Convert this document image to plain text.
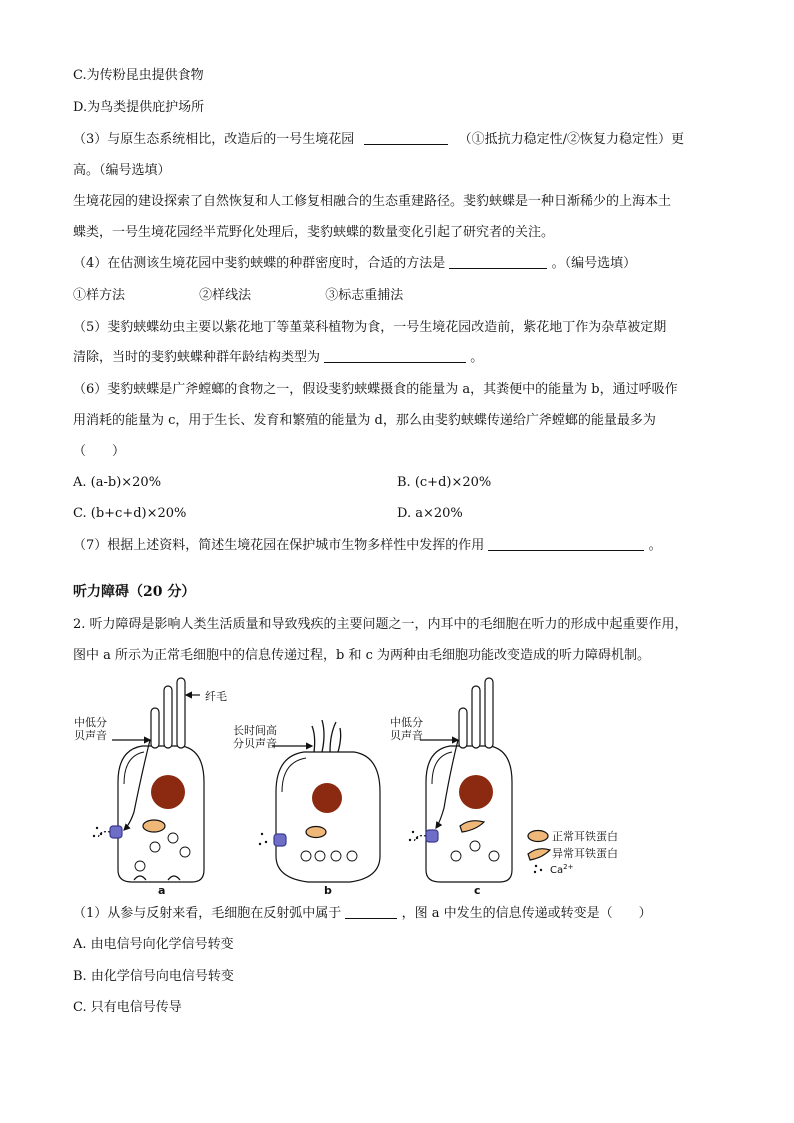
C.为传粉昆虫提供食物
D.为鸟类提供庇护场所
（3）与原生态系统相比，改造后的一号生境花园	（①抵抗力稳定性/②恢复力稳定性）更
高。（编号选填）
生境花园的建设探索了自然恢复和人工修复相融合的生态重建路径。斐豹蛱蝶是一种日渐稀少的上海本土
蝶类，一号生境花园经半荒野化处理后，斐豹蛱蝶的数量变化引起了研究者的关注。
（4）在估测该生境花园中斐豹蛱蝶的种群密度时，合适的方法是	。（编号选填）
①样方法	②样线法	③标志重捕法
（5）斐豹蛱蝶幼虫主要以紫花地丁等堇菜科植物为食，一号生境花园改造前，紫花地丁作为杂草被定期
清除，当时的斐豹蛱蝶种群年龄结构类型为	。
（6）斐豹蛱蝶是广斧螳螂的食物之一，假设斐豹蛱蝶摄食的能量为 a，其粪便中的能量为 b，通过呼吸作
用消耗的能量为 c，用于生长、发育和繁殖的能量为 d，那么由斐豹蛱蝶传递给广斧螳螂的能量最多为
（　　）
A. (a-b)×20%	B. (c+d)×20%
C. (b+c+d)×20%	D. a×20%
（7）根据上述资料，简述生境花园在保护城市生物多样性中发挥的作用	。
听力障碍（20 分）
2. 听力障碍是影响人类生活质量和导致残疾的主要问题之一，内耳中的毛细胞在听力的形成中起重要作用，
图中 a 所示为正常毛细胞中的信息传递过程，b 和 c 为两种由毛细胞功能改变造成的听力障碍机制。
纤毛
中低分
贝声音
a
长时间高
分贝声音
b
中低分
贝声音
c
正常耳铁蛋白
异常耳铁蛋白
$Ca^{2+}$
（1）从参与反射来看，毛细胞在反射弧中属于	，图 a 中发生的信息传递或转变是（　　）
A. 由电信号向化学信号转变
B. 由化学信号向电信号转变
C. 只有电信号传导
